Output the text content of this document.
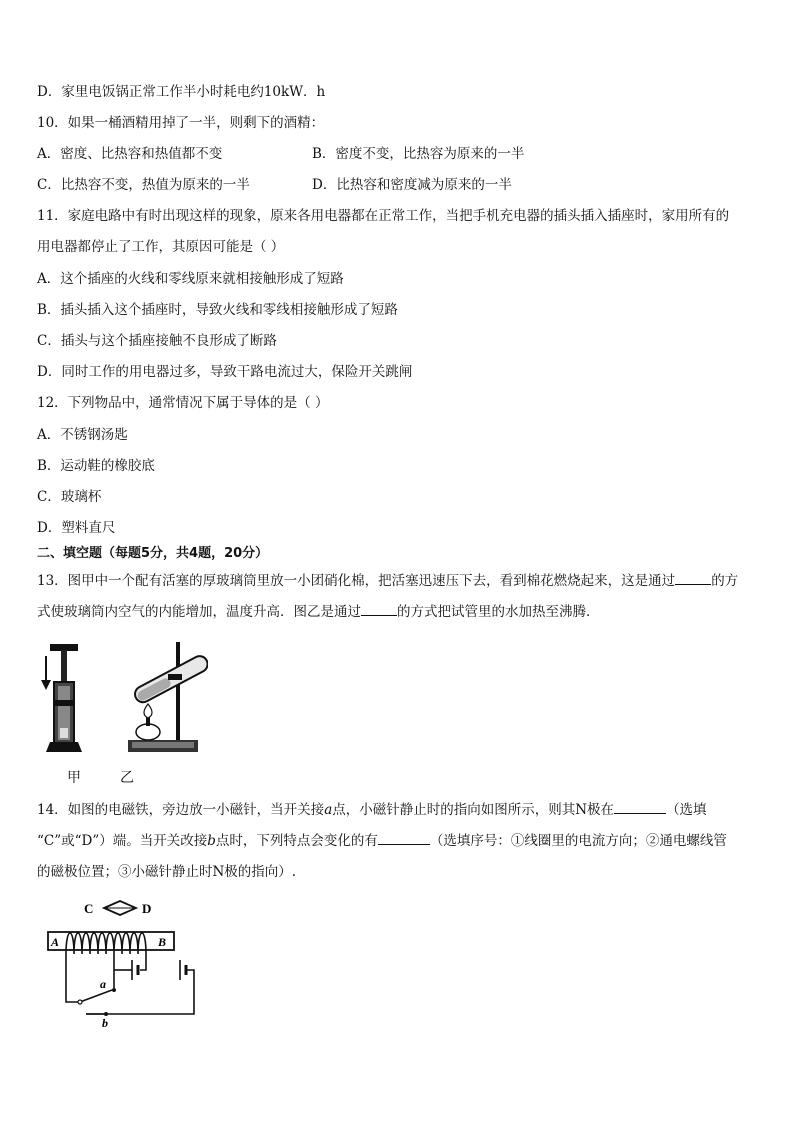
D．家里电饭锅正常工作半小时耗电约10kW．h
10．如果一桶酒精用掉了一半，则剩下的酒精：
A．密度、比热容和热值都不变	B．密度不变，比热容为原来的一半
C．比热容不变，热值为原来的一半	D．比热容和密度减为原来的一半
11．家庭电路中有时出现这样的现象，原来各用电器都在正常工作，当把手机充电器的插头插入插座时，家用所有的
用电器都停止了工作，其原因可能是（ ）
A．这个插座的火线和零线原来就相接触形成了短路
B．插头插入这个插座时，导致火线和零线相接触形成了短路
C．插头与这个插座接触不良形成了断路
D．同时工作的用电器过多，导致干路电流过大，保险开关跳闸
12．下列物品中，通常情况下属于导体的是（ ）
A．不锈钢汤匙
B．运动鞋的橡胶底
C．玻璃杯
D．塑料直尺
二、填空题（每题5分，共4题，20分）
13．图甲中一个配有活塞的厚玻璃筒里放一小团硝化棉，把活塞迅速压下去，看到棉花燃烧起来，这是通过	的方
式使玻璃筒内空气的内能增加，温度升高．图乙是通过	的方式把试管里的水加热至沸腾．
甲	乙
14．如图的电磁铁，旁边放一小磁针，当开关接a点，小磁针静止时的指向如图所示，则其N极在	（选填
“C”或“D”）端。当开关改接b点时，下列特点会变化的有	（选填序号：①线圈里的电流方向；②通电螺线管
的磁极位置；③小磁针静止时N极的指向）.
C	D
A	B
a
b
